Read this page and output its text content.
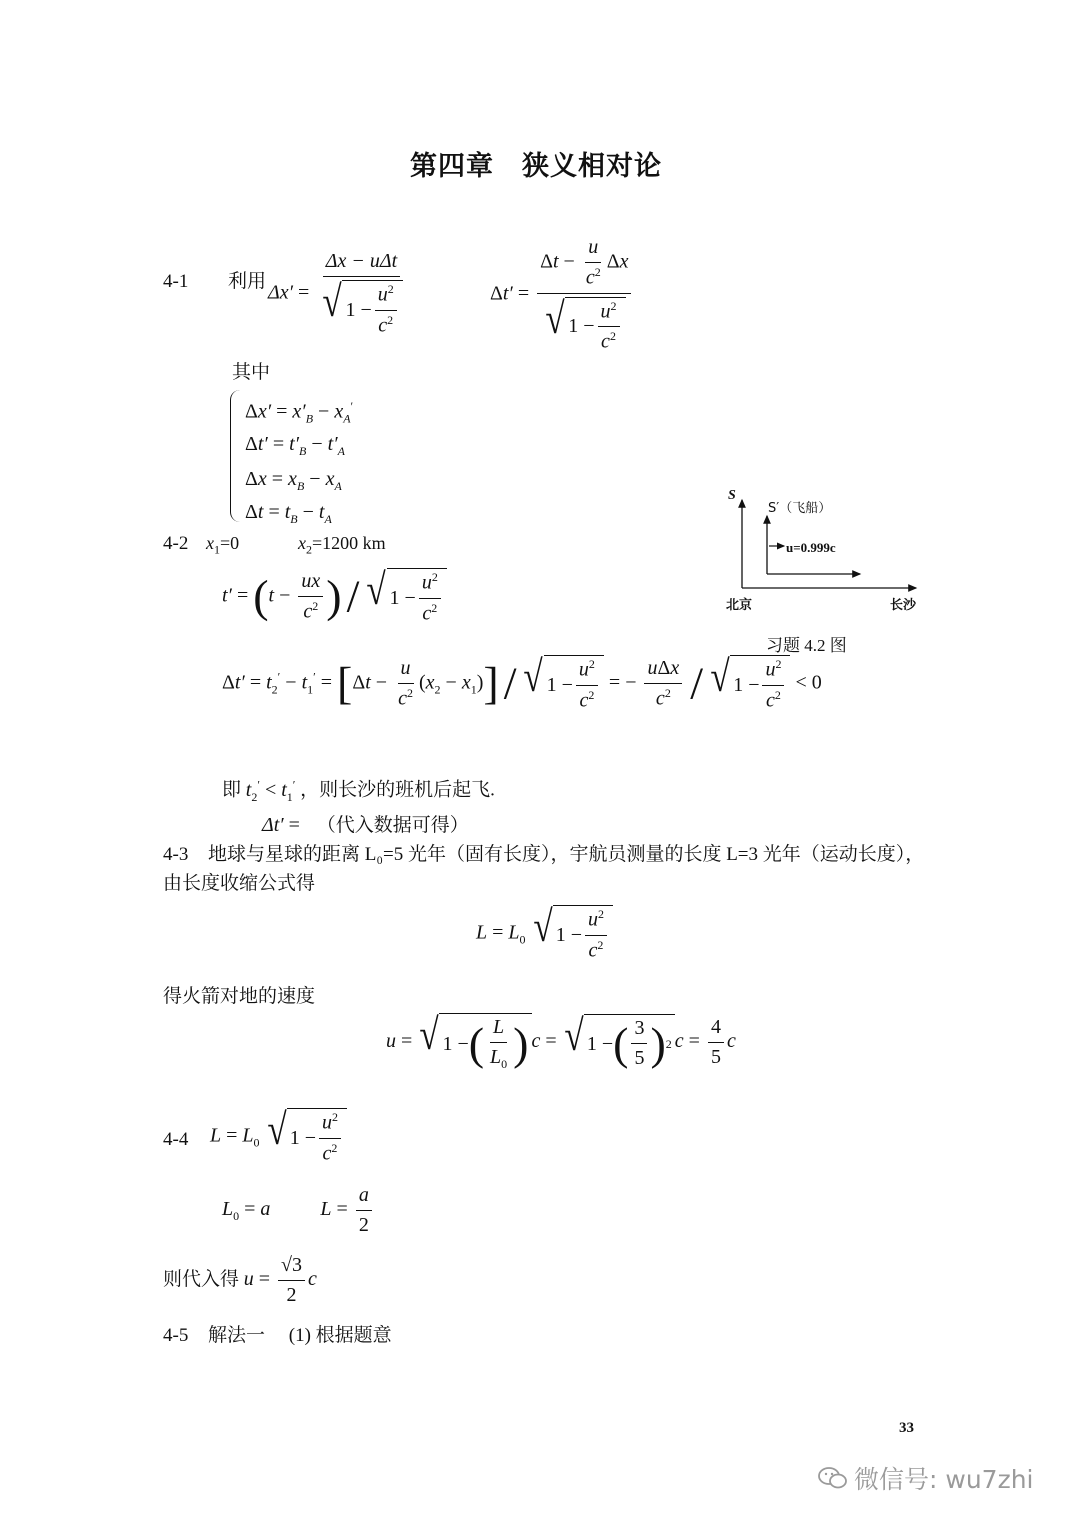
第四章　狭义相对论
4-1 利用 $\Delta x' = \frac{\text{Δx − uΔt}}{√ 1 - \frac{u^2}{c^2}}$	$\Delta t' = \frac{\Delta t - \frac{u}{c^2} \Delta x}{√ 1 - \frac{u^2}{c^2}}$
其中
$\Delta x' = x'_B - x_A'$
$\Delta t' = t'_B - t'_A$
$\Delta x = x_B - x_A$
$\Delta t = t_B - t_A$
4-2 $x_1=0$	$x_2=1200$ km
$t' = (t - \frac{ux}{c^2}$ ) / √ $1 - \frac{u^2}{c^2}$
$\Delta t' = t_2' - t_1' = [\Delta t - \frac{u}{c^2} (x_2 - x_1)]$ / √ $1 - \frac{u^2}{c^2}$ = − $\frac{\text{uΔx}}{c^2}$ / √ $1 - \frac{u^2}{c^2} < 0$
即 $t_2' < t_1'$ ，则长沙的班机后起飞.
Δt′ = （代入数据可得）
S
S′（飞船）
u=0.999c
北京	长沙
习题 4.2 图
4-3 地球与星球的距离 L₀=5 光年（固有长度），宇航员测量的长度 L=3 光年（运动长度），
由长度收缩公式得
$L = L_0$ √ $1 - \frac{u^2}{c^2}$
得火箭对地的速度
u = √ 1 − ( $\frac{L}{L_0}$ ) c = √ 1 − ( $\frac{3}{5}$ ) 2 $c = \frac{4}{5}$ c
4-4 $L = L_0$ √ $1 - \frac{u^2}{c^2}$
$L_0 = a$	$L = \frac{a}{2}$
则代入得 $u = \frac{√3}{2}$ c
4-5 解法一　 (1) 根据题意
33
微信号: wu7zhi
